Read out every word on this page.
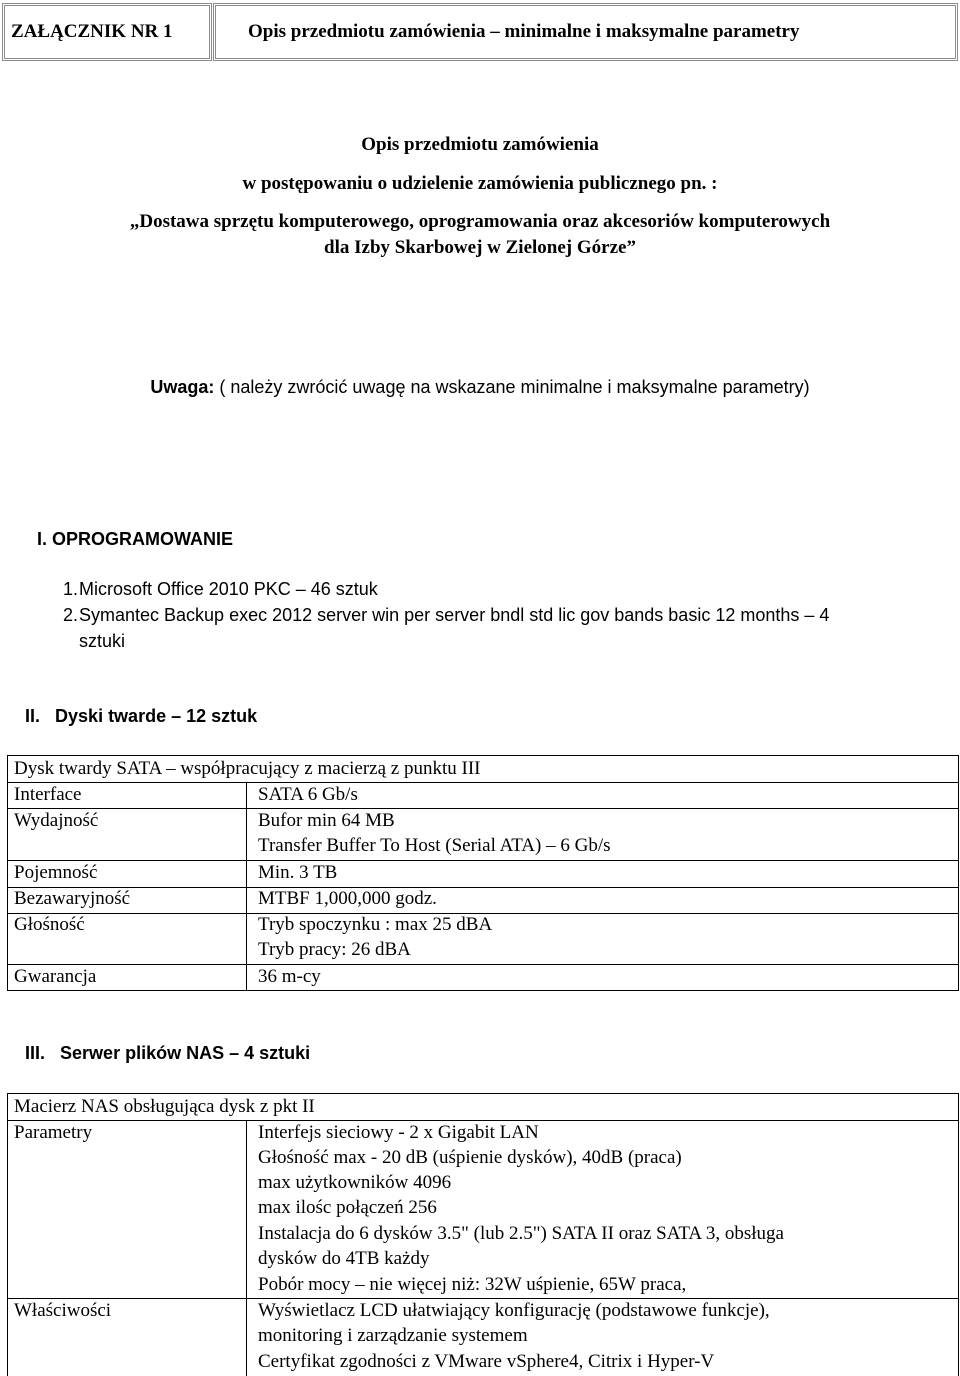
ZAŁĄCZNIK NR 1	Opis przedmiotu zamówienia – minimalne i maksymalne parametry
Opis przedmiotu zamówienia
w postępowaniu o udzielenie zamówienia publicznego pn. :
„Dostawa sprzętu komputerowego, oprogramowania oraz akcesoriów komputerowych
dla Izby Skarbowej w Zielonej Górze”
Uwaga: ( należy zwrócić uwagę na wskazane minimalne i maksymalne parametry)
I. OPROGRAMOWANIE
1. Microsoft Office 2010 PKC – 46 sztuk
2. Symantec Backup exec 2012 server win per server bndl std lic gov bands basic 12 months – 4
sztuki
II. Dyski twarde – 12 sztuk
Dysk twardy SATA – współpracujący z macierzą z punktu III
Interface	SATA 6 Gb/s
Wydajność	Bufor min 64 MB
Transfer Buffer To Host (Serial ATA) – 6 Gb/s
Pojemność	Min. 3 TB
Bezawaryjność	MTBF 1,000,000 godz.
Głośność	Tryb spoczynku : max 25 dBA
Tryb pracy: 26 dBA
Gwarancja	36 m-cy
III. Serwer plików NAS – 4 sztuki
Macierz NAS obsługująca dysk z pkt II
Parametry	Interfejs sieciowy - 2 x Gigabit LAN
Głośność max - 20 dB (uśpienie dysków), 40dB (praca)
max użytkowników 4096
max ilośc połączeń 256
Instalacja do 6 dysków 3.5" (lub 2.5") SATA II oraz SATA 3, obsługa
dysków do 4TB każdy
Pobór mocy – nie więcej niż: 32W uśpienie, 65W praca,
Właściwości	Wyświetlacz LCD ułatwiający konfigurację (podstawowe funkcje),
monitoring i zarządzanie systemem
Certyfikat zgodności z VMware vSphere4, Citrix i Hyper-V
